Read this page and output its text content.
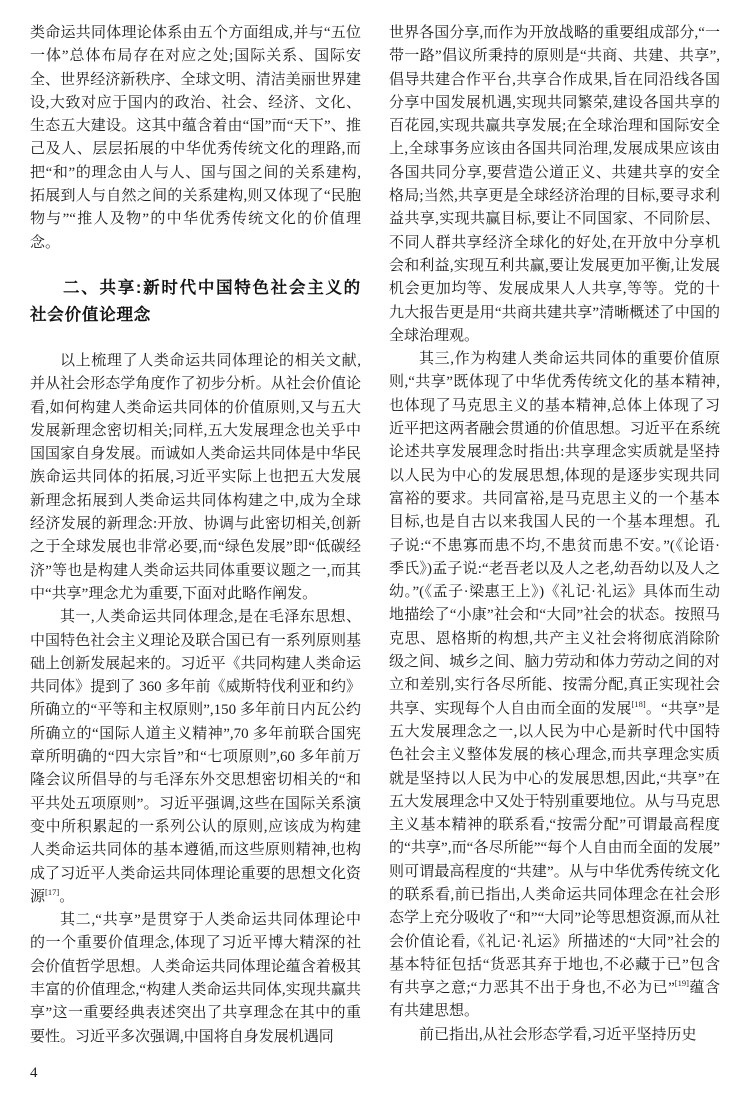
类命运共同体理论体系由五个方面组成,并与“五位一体”总体布局存在对应之处;国际关系、国际安全、世界经济新秩序、全球文明、清洁美丽世界建设,大致对应于国内的政治、社会、经济、文化、生态五大建设。这其中蕴含着由“国”而“天下”、推己及人、层层拓展的中华优秀传统文化的理路,而把“和”的理念由人与人、国与国之间的关系建构,拓展到人与自然之间的关系建构,则又体现了“民胞物与”“推人及物”的中华优秀传统文化的价值理念。

二、共享:新时代中国特色社会主义的社会价值论理念

以上梳理了人类命运共同体理论的相关文献,并从社会形态学角度作了初步分析。从社会价值论看,如何构建人类命运共同体的价值原则,又与五大发展新理念密切相关;同样,五大发展理念也关乎中国国家自身发展。而诚如人类命运共同体是中华民族命运共同体的拓展,习近平实际上也把五大发展新理念拓展到人类命运共同体构建之中,成为全球经济发展的新理念:开放、协调与此密切相关,创新之于全球发展也非常必要,而“绿色发展”即“低碳经济”等也是构建人类命运共同体重要议题之一,而其中“共享”理念尤为重要,下面对此略作阐发。

其一,人类命运共同体理念,是在毛泽东思想、中国特色社会主义理论及联合国已有一系列原则基础上创新发展起来的。习近平《共同构建人类命运共同体》提到了 360 多年前《威斯特伐利亚和约》所确立的“平等和主权原则”,150 多年前日内瓦公约所确立的“国际人道主义精神”,70 多年前联合国宪章所明确的“四大宗旨”和“七项原则”,60 多年前万隆会议所倡导的与毛泽东外交思想密切相关的“和平共处五项原则”。习近平强调,这些在国际关系演变中所积累起的一系列公认的原则,应该成为构建人类命运共同体的基本遵循,而这些原则精神,也构成了习近平人类命运共同体理论重要的思想文化资源[17]。

其二,“共享”是贯穿于人类命运共同体理论中的一个重要价值理念,体现了习近平博大精深的社会价值哲学思想。人类命运共同体理论蕴含着极其丰富的价值理念,“构建人类命运共同体,实现共赢共享”这一重要经典表述突出了共享理念在其中的重要性。习近平多次强调,中国将自身发展机遇同

世界各国分享,而作为开放战略的重要组成部分,“一带一路”倡议所秉持的原则是“共商、共建、共享”,倡导共建合作平台,共享合作成果,旨在同沿线各国分享中国发展机遇,实现共同繁荣,建设各国共享的百花园,实现共赢共享发展;在全球治理和国际安全上,全球事务应该由各国共同治理,发展成果应该由各国共同分享,要营造公道正义、共建共享的安全格局;当然,共享更是全球经济治理的目标,要寻求利益共享,实现共赢目标,要让不同国家、不同阶层、不同人群共享经济全球化的好处,在开放中分享机会和利益,实现互利共赢,要让发展更加平衡,让发展机会更加均等、发展成果人人共享,等等。党的十九大报告更是用“共商共建共享”清晰概述了中国的全球治理观。

其三,作为构建人类命运共同体的重要价值原则,“共享”既体现了中华优秀传统文化的基本精神,也体现了马克思主义的基本精神,总体上体现了习近平把这两者融会贯通的价值思想。习近平在系统论述共享发展理念时指出:共享理念实质就是坚持以人民为中心的发展思想,体现的是逐步实现共同富裕的要求。共同富裕,是马克思主义的一个基本目标,也是自古以来我国人民的一个基本理想。孔子说:“不患寡而患不均,不患贫而患不安。”(《论语·季氏》)孟子说:“老吾老以及人之老,幼吾幼以及人之幼。”(《孟子·梁惠王上》)《礼记·礼运》具体而生动地描绘了“小康”社会和“大同”社会的状态。按照马克思、恩格斯的构想,共产主义社会将彻底消除阶级之间、城乡之间、脑力劳动和体力劳动之间的对立和差别,实行各尽所能、按需分配,真正实现社会共享、实现每个人自由而全面的发展[18]。“共享”是五大发展理念之一,以人民为中心是新时代中国特色社会主义整体发展的核心理念,而共享理念实质就是坚持以人民为中心的发展思想,因此,“共享”在五大发展理念中又处于特别重要地位。从与马克思主义基本精神的联系看,“按需分配”可谓最高程度的“共享”,而“各尽所能”“每个人自由而全面的发展”则可谓最高程度的“共建”。从与中华优秀传统文化的联系看,前已指出,人类命运共同体理念在社会形态学上充分吸收了“和”“大同”论等思想资源,而从社会价值论看,《礼记·礼运》所描述的“大同”社会的基本特征包括“货恶其弃于地也,不必藏于已”包含有共享之意;“力恶其不出于身也,不必为已”[19]蕴含有共建思想。

前已指出,从社会形态学看,习近平坚持历史

4
